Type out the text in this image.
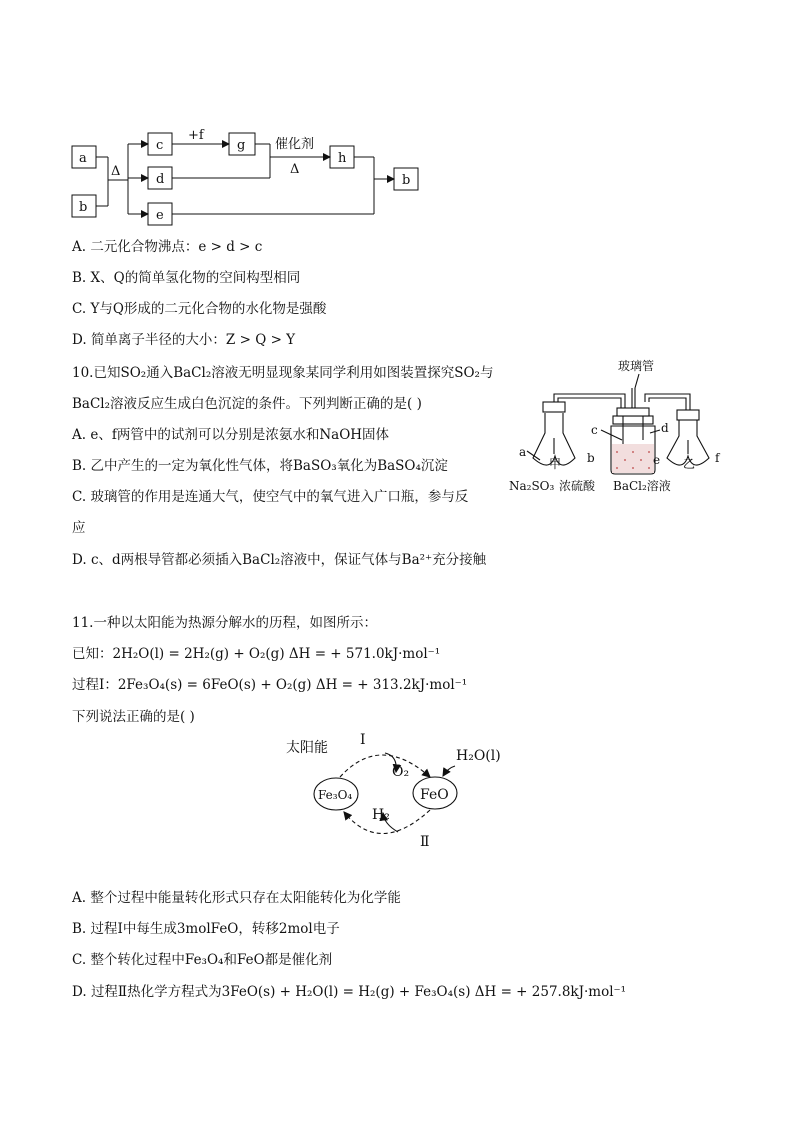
a
b
c
d
e
g
h
b
+f
Δ
催化剂
Δ
A. 二元化合物沸点：e > d > c
B. X、Q的简单氢化物的空间构型相同
C. Y与Q形成的二元化合物的水化物是强酸
D. 简单离子半径的大小：Z > Q > Y
10.已知SO₂通入BaCl₂溶液无明显现象某同学利用如图装置探究SO₂与
BaCl₂溶液反应生成白色沉淀的条件。下列判断正确的是( )
A. e、f两管中的试剂可以分别是浓氨水和NaOH固体
B. 乙中产生的一定为氧化性气体，将BaSO₃氧化为BaSO₄沉淀
C. 玻璃管的作用是连通大气，使空气中的氧气进入广口瓶，参与反
应
D. c、d两根导管都必须插入BaCl₂溶液中，保证气体与Ba²⁺充分接触
玻璃管
a	b
c	d
e	f
甲	乙
Na₂SO₃ 浓硫酸 BaCl₂溶液
11.一种以太阳能为热源分解水的历程，如图所示：
已知：2H₂O(l) = 2H₂(g) + O₂(g) ΔH = + 571.0kJ·mol⁻¹
过程Ⅰ：2Fe₃O₄(s) = 6FeO(s) + O₂(g) ΔH = + 313.2kJ·mol⁻¹
下列说法正确的是( )
太阳能 Ⅰ
O₂
H₂O(l)
Fe₃O₄	FeO
H₂
Ⅱ
A. 整个过程中能量转化形式只存在太阳能转化为化学能
B. 过程Ⅰ中每生成3molFeO，转移2mol电子
C. 整个转化过程中Fe₃O₄和FeO都是催化剂
D. 过程Ⅱ热化学方程式为3FeO(s) + H₂O(l) = H₂(g) + Fe₃O₄(s) ΔH = + 257.8kJ·mol⁻¹
